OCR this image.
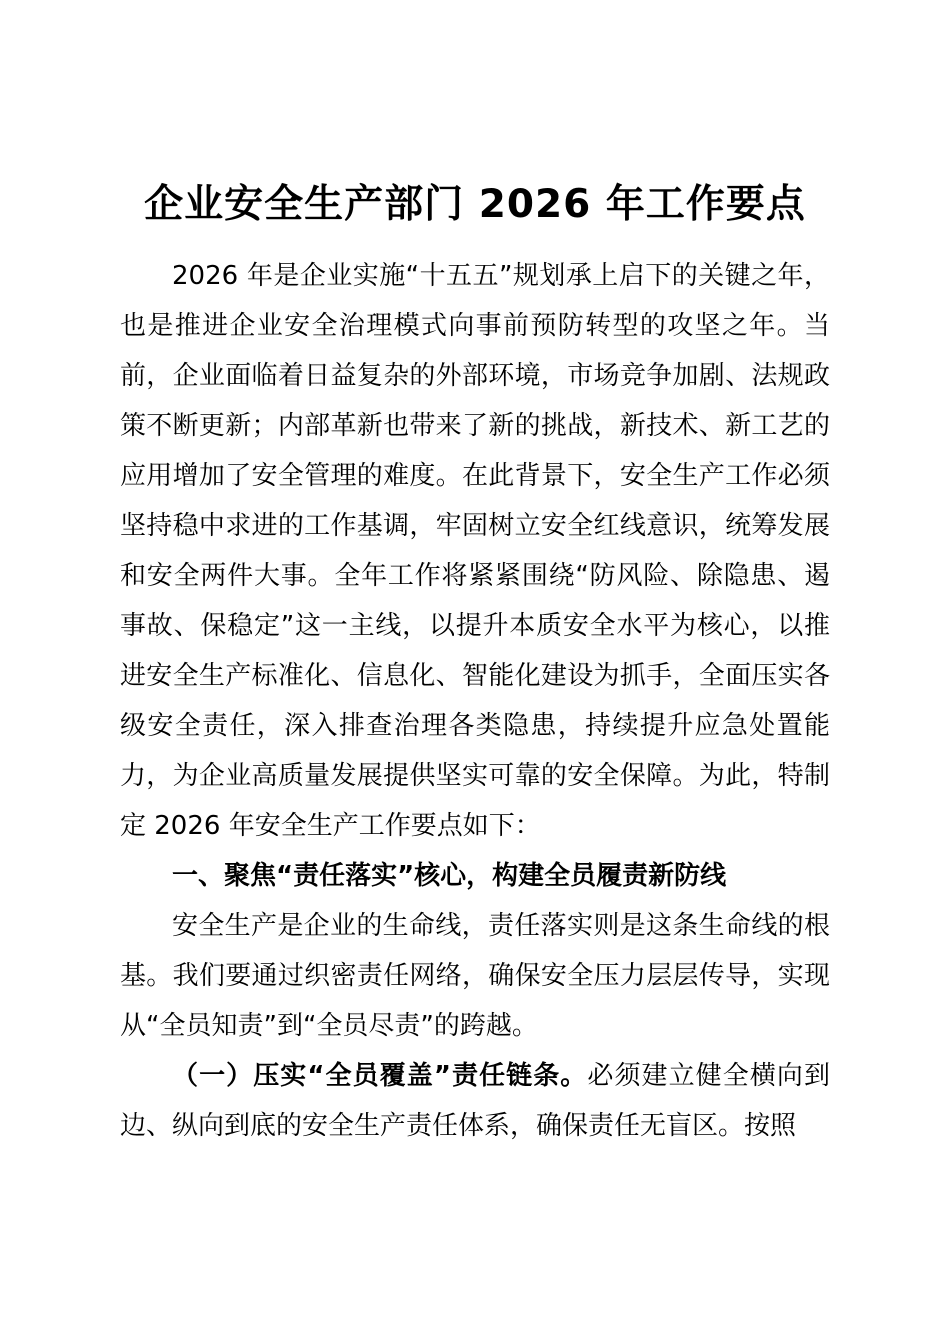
企业安全生产部门 2026 年工作要点

2026 年是企业实施“十五五”规划承上启下的关键之年，也是推进企业安全治理模式向事前预防转型的攻坚之年。当前，企业面临着日益复杂的外部环境，市场竞争加剧、法规政策不断更新；内部革新也带来了新的挑战，新技术、新工艺的应用增加了安全管理的难度。在此背景下，安全生产工作必须坚持稳中求进的工作基调，牢固树立安全红线意识，统筹发展和安全两件大事。全年工作将紧紧围绕“防风险、除隐患、遏事故、保稳定”这一主线，以提升本质安全水平为核心，以推进安全生产标准化、信息化、智能化建设为抓手，全面压实各级安全责任，深入排查治理各类隐患，持续提升应急处置能力，为企业高质量发展提供坚实可靠的安全保障。为此，特制定 2026 年安全生产工作要点如下：

一、聚焦“责任落实”核心，构建全员履责新防线

安全生产是企业的生命线，责任落实则是这条生命线的根基。我们要通过织密责任网络，确保安全压力层层传导，实现从“全员知责”到“全员尽责”的跨越。

（一）压实“全员覆盖”责任链条。必须建立健全横向到边、纵向到底的安全生产责任体系，确保责任无盲区。按照
